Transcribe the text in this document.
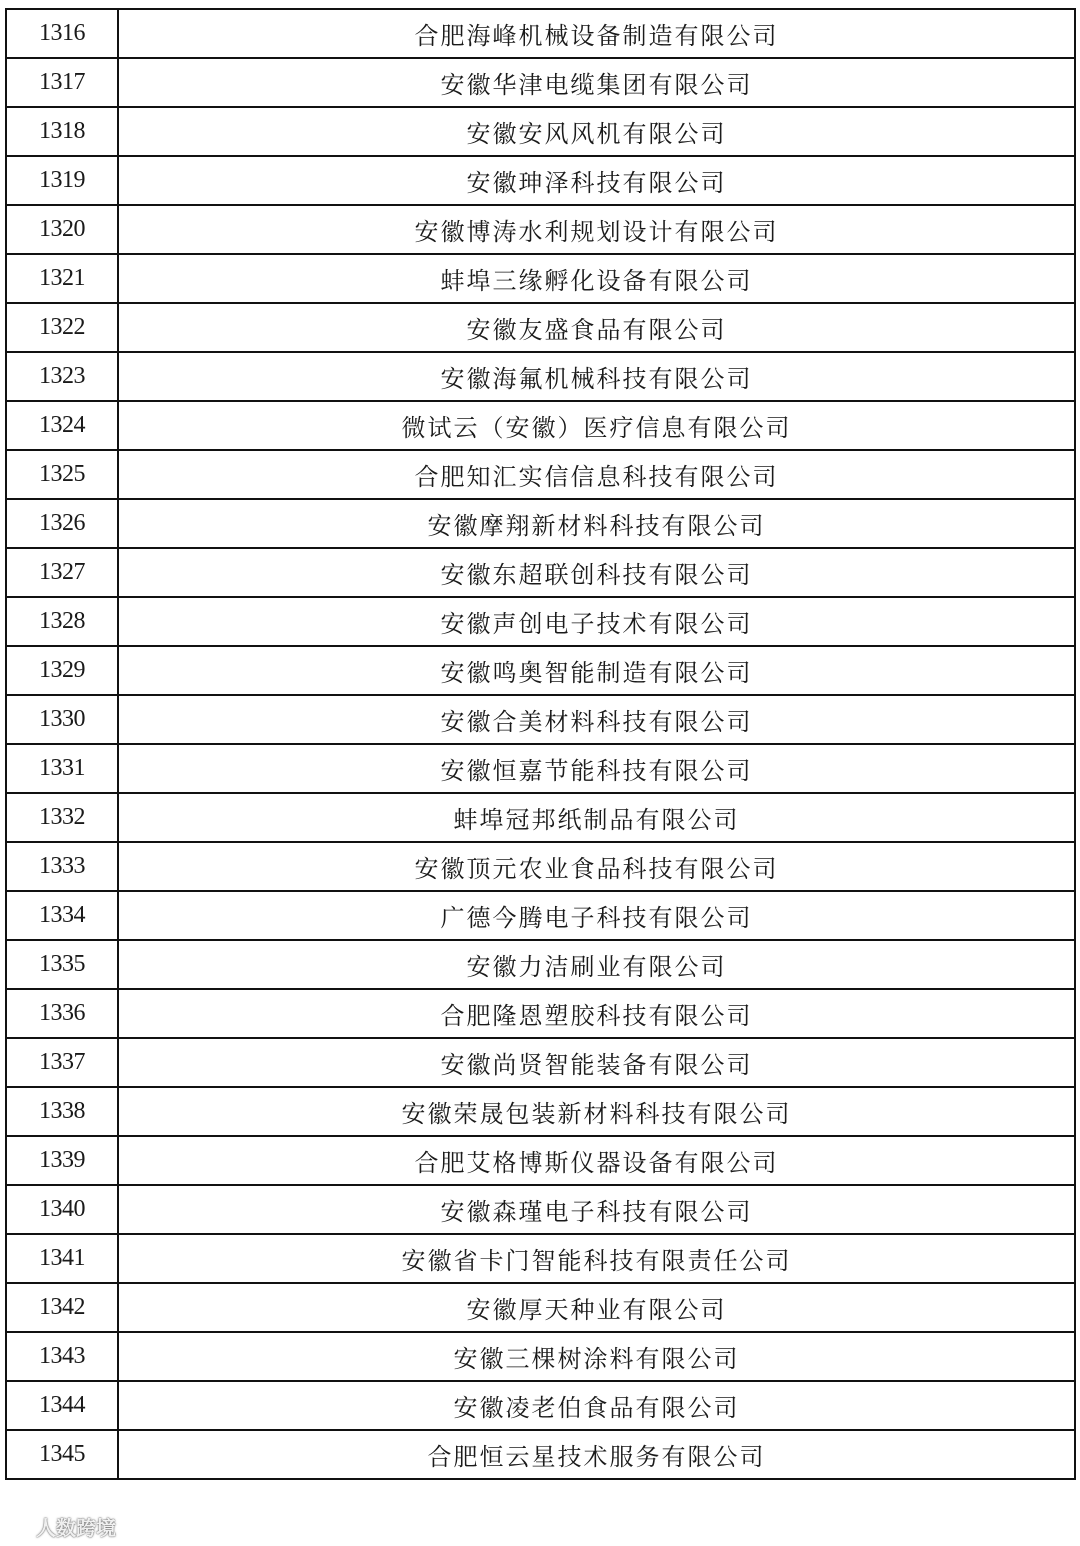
1316	合肥海峰机械设备制造有限公司
1317	安徽华津电缆集团有限公司
1318	安徽安风风机有限公司
1319	安徽珅泽科技有限公司
1320	安徽博涛水利规划设计有限公司
1321	蚌埠三缘孵化设备有限公司
1322	安徽友盛食品有限公司
1323	安徽海氟机械科技有限公司
1324	微试云（安徽）医疗信息有限公司
1325	合肥知汇实信信息科技有限公司
1326	安徽摩翔新材料科技有限公司
1327	安徽东超联创科技有限公司
1328	安徽声创电子技术有限公司
1329	安徽鸣奥智能制造有限公司
1330	安徽合美材料科技有限公司
1331	安徽恒嘉节能科技有限公司
1332	蚌埠冠邦纸制品有限公司
1333	安徽顶元农业食品科技有限公司
1334	广德今腾电子科技有限公司
1335	安徽力洁刷业有限公司
1336	合肥隆恩塑胶科技有限公司
1337	安徽尚贤智能装备有限公司
1338	安徽荣晟包装新材料科技有限公司
1339	合肥艾格博斯仪器设备有限公司
1340	安徽森瑾电子科技有限公司
1341	安徽省卡门智能科技有限责任公司
1342	安徽厚天种业有限公司
1343	安徽三棵树涂料有限公司
1344	安徽凌老伯食品有限公司
1345	合肥恒云星技术服务有限公司
人数跨境
